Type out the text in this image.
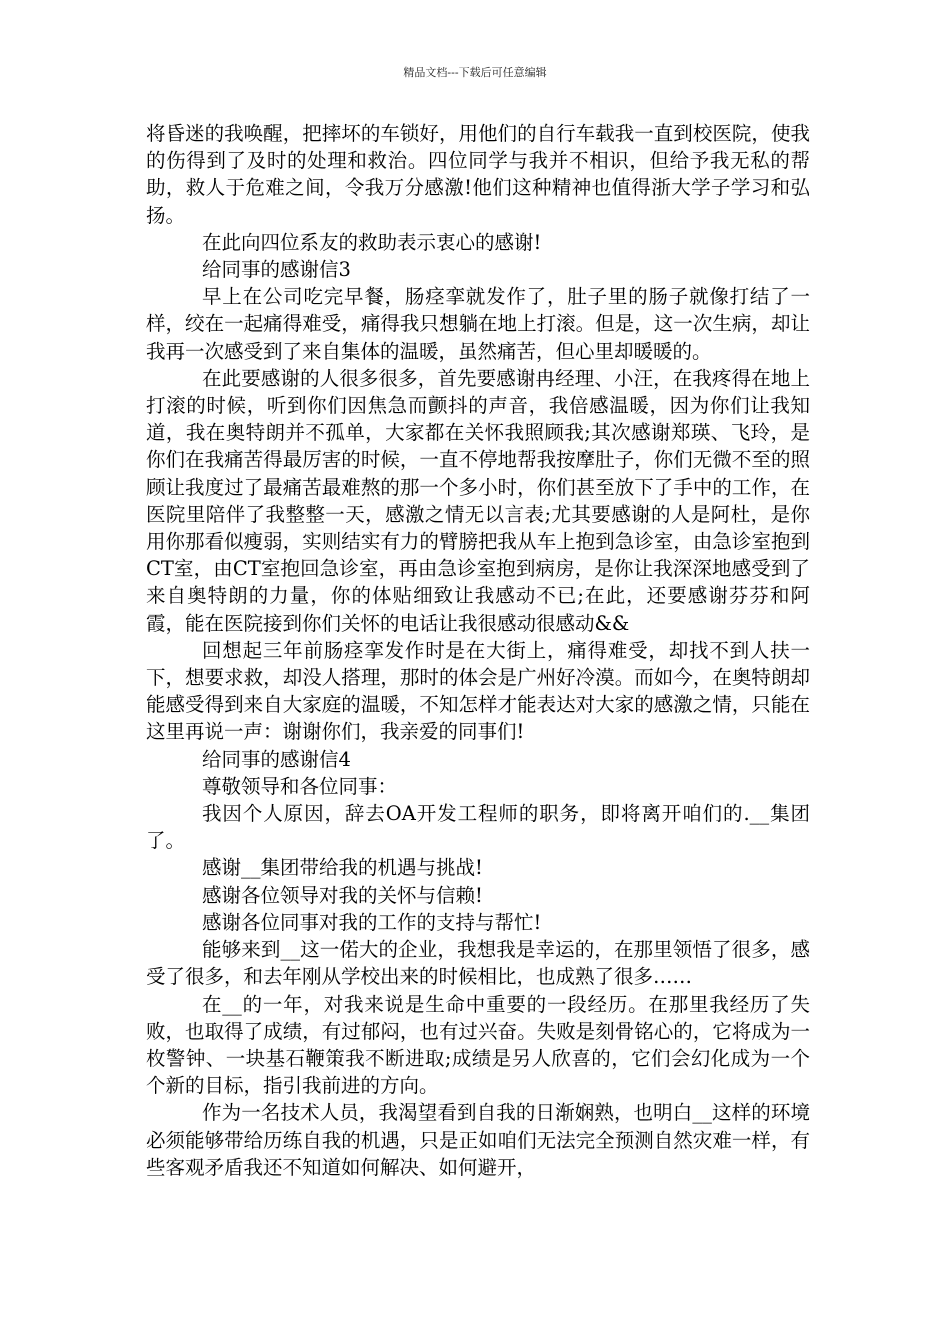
精品文档---下载后可任意编辑

将昏迷的我唤醒，把摔坏的车锁好，用他们的自行车载我一直到校医院，使我的伤得到了及时的处理和救治。四位同学与我并不相识，但给予我无私的帮助，救人于危难之间，令我万分感激!他们这种精神也值得浙大学子学习和弘扬。

在此向四位系友的救助表示衷心的感谢!

给同事的感谢信3

早上在公司吃完早餐，肠痉挛就发作了，肚子里的肠子就像打结了一样，绞在一起痛得难受，痛得我只想躺在地上打滚。但是，这一次生病，却让我再一次感受到了来自集体的温暖，虽然痛苦，但心里却暖暖的。

在此要感谢的人很多很多，首先要感谢冉经理、小汪，在我疼得在地上打滚的时候，听到你们因焦急而颤抖的声音，我倍感温暖，因为你们让我知道，我在奥特朗并不孤单，大家都在关怀我照顾我;其次感谢郑瑛、飞玲，是你们在我痛苦得最厉害的时候，一直不停地帮我按摩肚子，你们无微不至的照顾让我度过了最痛苦最难熬的那一个多小时，你们甚至放下了手中的工作，在医院里陪伴了我整整一天，感激之情无以言表;尤其要感谢的人是阿杜，是你用你那看似瘦弱，实则结实有力的臂膀把我从车上抱到急诊室，由急诊室抱到CT室，由CT室抱回急诊室，再由急诊室抱到病房，是你让我深深地感受到了来自奥特朗的力量，你的体贴细致让我感动不已;在此，还要感谢芬芬和阿霞，能在医院接到你们关怀的电话让我很感动很感动&&

回想起三年前肠痉挛发作时是在大街上，痛得难受，却找不到人扶一下，想要求救，却没人搭理，那时的体会是广州好冷漠。而如今，在奥特朗却能感受得到来自大家庭的温暖，不知怎样才能表达对大家的感激之情，只能在这里再说一声：谢谢你们，我亲爱的同事们!

给同事的感谢信4

尊敬领导和各位同事：

我因个人原因，辞去OA开发工程师的职务，即将离开咱们的.__集团了。

感谢__集团带给我的机遇与挑战!

感谢各位领导对我的关怀与信赖!

感谢各位同事对我的工作的支持与帮忙!

能够来到__这一偌大的企业，我想我是幸运的，在那里领悟了很多，感受了很多，和去年刚从学校出来的时候相比，也成熟了很多……

在__的一年，对我来说是生命中重要的一段经历。在那里我经历了失败，也取得了成绩，有过郁闷，也有过兴奋。失败是刻骨铭心的，它将成为一枚警钟、一块基石鞭策我不断进取;成绩是另人欣喜的，它们会幻化成为一个个新的目标，指引我前进的方向。

作为一名技术人员，我渴望看到自我的日渐娴熟，也明白__这样的环境必须能够带给历练自我的机遇，只是正如咱们无法完全预测自然灾难一样，有些客观矛盾我还不知道如何解决、如何避开，
